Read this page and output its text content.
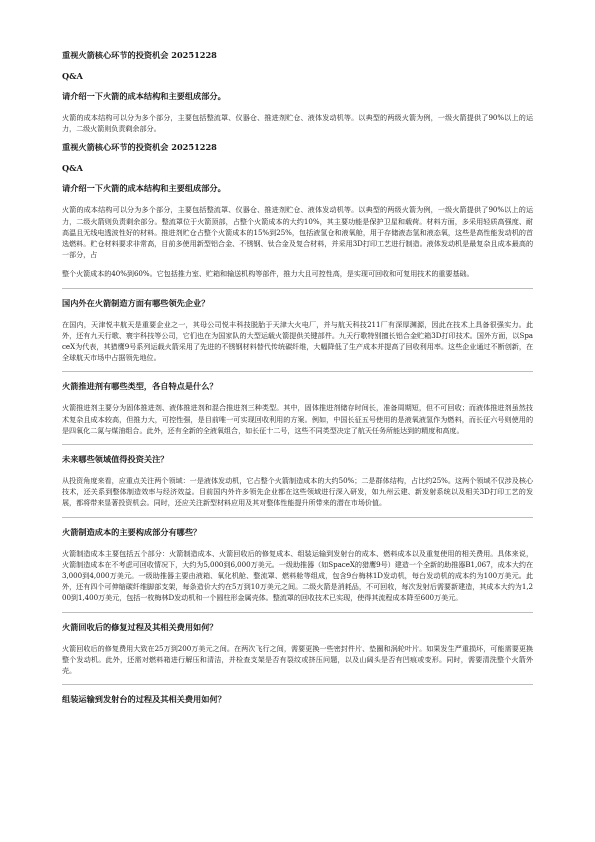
重视火箭核心环节的投资机会 20251228
Q&A
请介绍一下火箭的成本结构和主要组成部分。
火箭的成本结构可以分为多个部分，主要包括整流罩、仪器仓、推进剂贮仓、液体发动机等。以典型的两级火箭为例，一级火箭提供了90%以上的运力，二级火箭则负责剩余部分。
重视火箭核心环节的投资机会 20251228
Q&A
请介绍一下火箭的成本结构和主要组成部分。
火箭的成本结构可以分为多个部分，主要包括整流罩、仪器仓、推进剂贮仓、液体发动机等。以典型的两级火箭为例，一级火箭提供了90%以上的运力，二级火箭则负责剩余部分。整流罩位于火箭顶部，占整个火箭成本的大约10%，其主要功能是保护卫星和载荷。材料方面，多采用轻质高强度、耐高温且无线电透波性好的材料。推进剂贮仓占整个火箭成本的15%到25%，包括液氢仓和液氧舱，用于存储液态氢和液态氧，这些是高性能发动机的首选燃料。贮仓材料要求非常高，目前多使用新型铝合金、不锈钢、钛合金及复合材料，并采用3D打印工艺进行制造。液体发动机是最复杂且成本最高的一部分，占
整个火箭成本的40%到60%。它包括推力室、贮箱和输送机构等部件，推力大且可控性高，是实现可回收和可复用技术的重要基础。
国内外在火箭制造方面有哪些领先企业？
在国内，天津悦丰航天是重要企业之一，其母公司悦丰科技脱胎于天津大火电厂，并与航天科技211厂有深厚渊源，因此在技术上具备很强实力。此外，还有九天行歌、寰宇科技等公司，它们也在为国家队的大型运载火箭提供关键部件。九天行歌特别擅长铝合金贮箱3D打印技术。国外方面，以SpaceX为代表，其猎鹰9号系列运载火箭采用了先进的不锈钢材料替代传统碳纤维，大幅降低了生产成本并提高了回收利用率。这些企业通过不断创新，在全球航天市场中占据领先地位。
火箭推进剂有哪些类型，各自特点是什么？
火箭推进剂主要分为固体推进剂、液体推进剂和混合推进剂三种类型。其中，固体推进剂储存时间长，准备周期短，但不可回收；而液体推进剂虽然技术复杂且成本较高，但推力大，可控性强，是目前唯一可实现回收利用的方案。例如，中国长征五号使用的是液氧液氢作为燃料，而长征六号则使用的是四氧化二氮与煤油组合。此外，还有全新的全液氧组合，如长征十二号，这些不同类型决定了航天任务所能达到的精度和高度。
未来哪些领域值得投资关注？
从投资角度来看，应重点关注两个领域：一是液体发动机，它占整个火箭制造成本的大约50%；二是群体结构，占比约25%。这两个领域不仅涉及核心技术，还关系到整体制造效率与经济效益。目前国内外许多领先企业都在这些领域进行深入研发，如九州云建、新发射系统以及相关3D打印工艺的发展，都将带来显著投资机会。同时，还应关注新型材料应用及其对整体性能提升所带来的潜在市场价值。
火箭制造成本的主要构成部分有哪些？
火箭制造成本主要包括五个部分：火箭制造成本、火箭回收后的修复成本、组装运输到发射台的成本、燃料成本以及重复使用的相关费用。具体来说，火箭制造成本在不考虑可回收情况下，大约为5,000到6,000万美元。一级助推器（如SpaceX的猎鹰9号）建造一个全新的助推器B1,067，成本大约在3,000到4,000万美元。一级助推器主要由液箱、氧化机舱、整流罩、燃料舱等组成，包含9台梅林1D发动机，每台发动机的成本约为100万美元。此外，还有四个可伸缩碳纤维脚部支架，每条造价大约在5万到10万美元之间。二级火箭是消耗品，不可回收，每次发射后需要新建造，其成本大约为1,200到1,400万美元，包括一枚梅林D发动机和一个圆柱形金属壳体。整流罩的回收技术已实现，使得其流程成本降至600万美元。
火箭回收后的修复过程及其相关费用如何？
火箭回收后的修复费用大致在25万到200万美元之间。在两次飞行之间，需要更换一些密封件片、垫圈和涡轮叶片。如果发生严重损坏，可能需要更换整个发动机。此外，还需对燃料箱进行解压和清洁，并检查支架是否有裂纹或挤压问题，以及山阔头是否有凹痕或变形。同时，需要清洗整个火箭外壳。
组装运输到发射台的过程及其相关费用如何？
